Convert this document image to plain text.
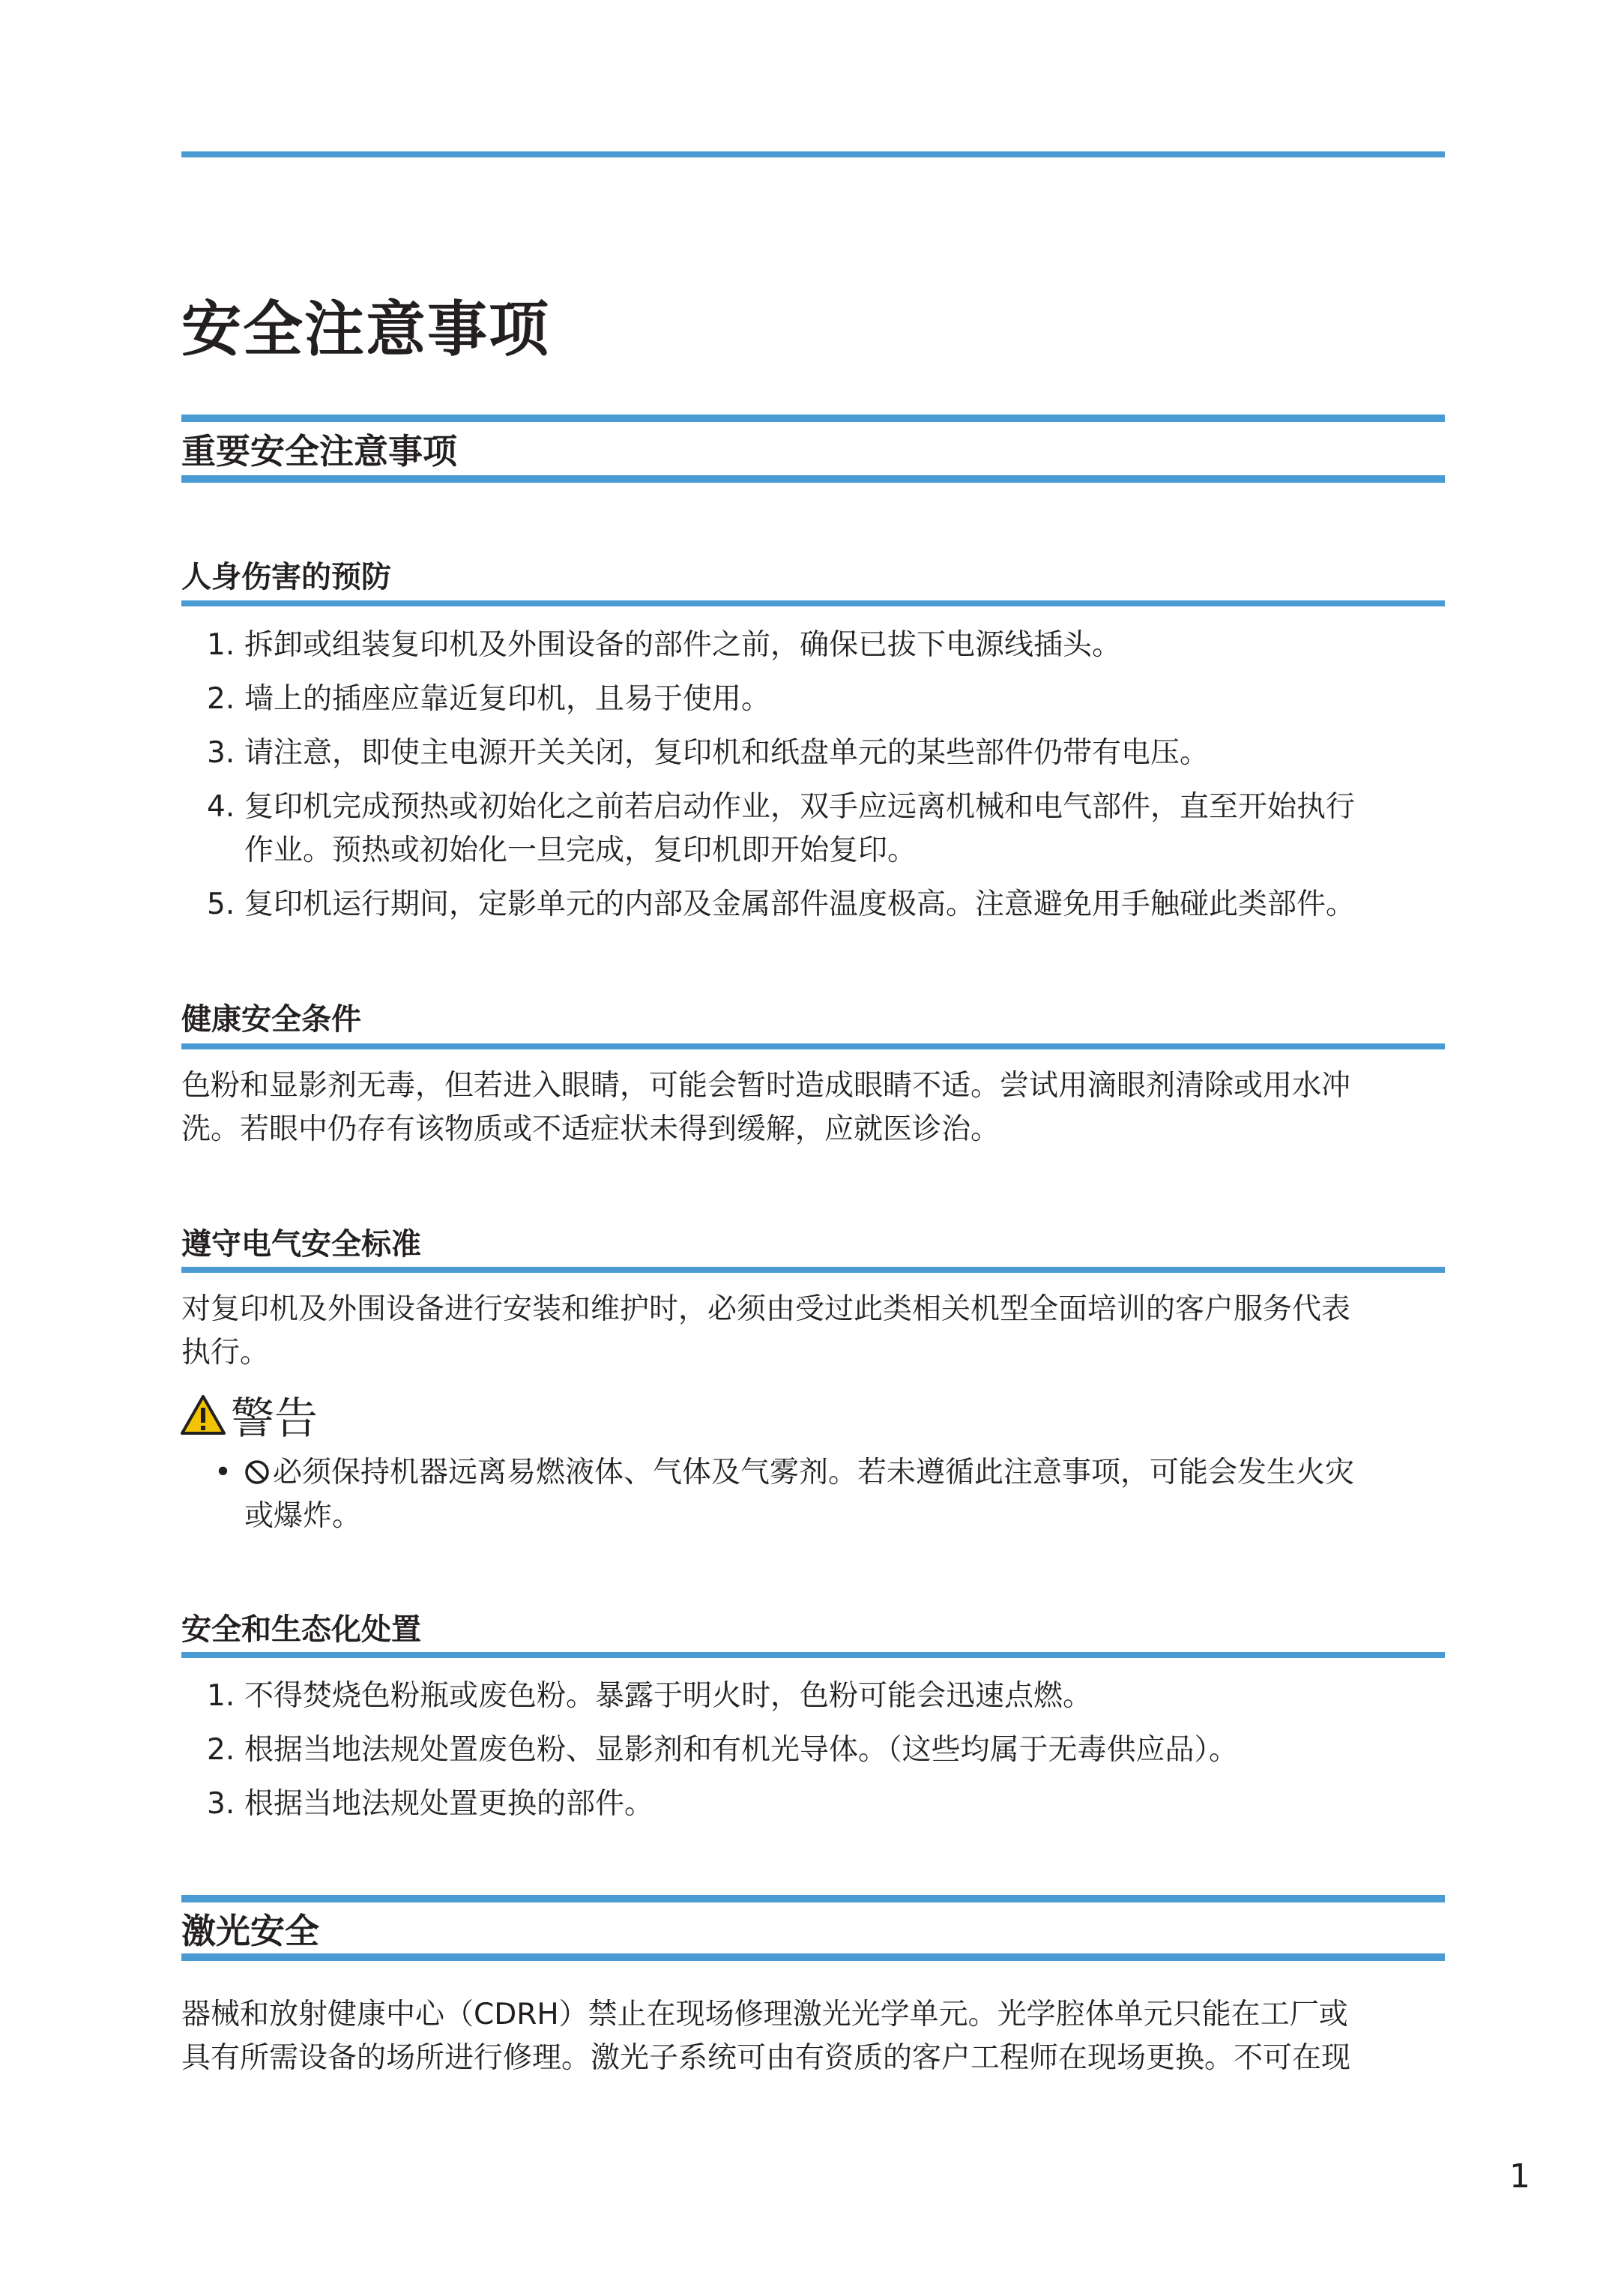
安全注意事项
重要安全注意事项
人身伤害的预防
1. 拆卸或组装复印机及外围设备的部件之前，确保已拔下电源线插头。
2. 墙上的插座应靠近复印机，且易于使用。
3. 请注意，即使主电源开关关闭，复印机和纸盘单元的某些部件仍带有电压。
4. 复印机完成预热或初始化之前若启动作业，双手应远离机械和电气部件，直至开始执行
作业。预热或初始化一旦完成，复印机即开始复印。
5. 复印机运行期间，定影单元的内部及金属部件温度极高。注意避免用手触碰此类部件。
健康安全条件

色粉和显影剂无毒，但若进入眼睛，可能会暂时造成眼睛不适。尝试用滴眼剂清除或用水冲
洗。若眼中仍存有该物质或不适症状未得到缓解，应就医诊治。

遵守电气安全标准

对复印机及外围设备进行安装和维护时，必须由受过此类相关机型全面培训的客户服务代表
执行。

警告
•	必须保持机器远离易燃液体、气体及气雾剂。若未遵循此注意事项，可能会发生火灾
或爆炸。
安全和生态化处置
1. 不得焚烧色粉瓶或废色粉。暴露于明火时，色粉可能会迅速点燃。
2. 根据当地法规处置废色粉、显影剂和有机光导体。（这些均属于无毒供应品）。
3. 根据当地法规处置更换的部件。
激光安全

器械和放射健康中心（CDRH）禁止在现场修理激光光学单元。光学腔体单元只能在工厂或
具有所需设备的场所进行修理。激光子系统可由有资质的客户工程师在现场更换。不可在现

1
